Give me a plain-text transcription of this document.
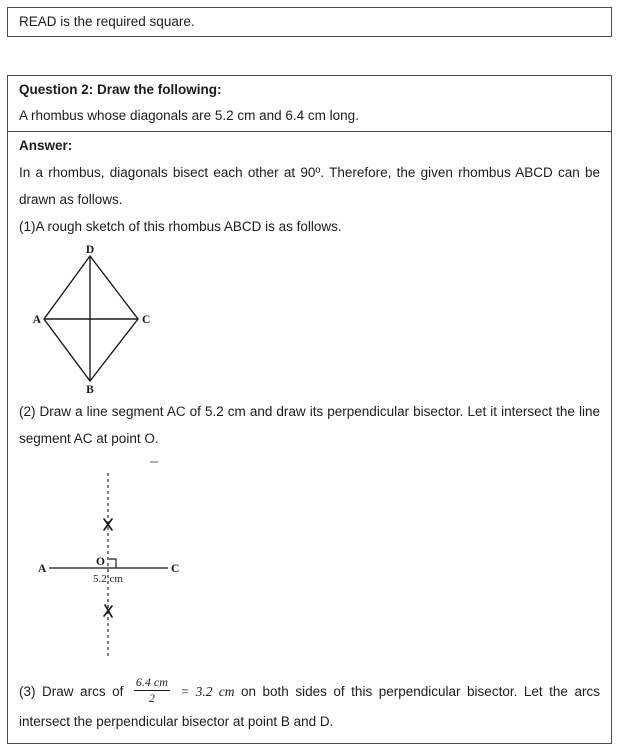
READ is the required square.
Question 2: Draw the following:
A rhombus whose diagonals are 5.2 cm and 6.4 cm long.

Answer:

In a rhombus, diagonals bisect each other at 90º. Therefore, the given rhombus ABCD can be drawn as follows.

(1)A rough sketch of this rhombus ABCD is as follows.

D
A	C
B

(2) Draw a line segment AC of 5.2 cm and draw its perpendicular bisector. Let it intersect the line segment AC at point O.

A	C
O
5.2 cm

(3) Draw arcs of $\frac{6.4 cm}{2} = 3.2$ cm on both sides of this perpendicular bisector. Let the arcs intersect the perpendicular bisector at point B and D.
